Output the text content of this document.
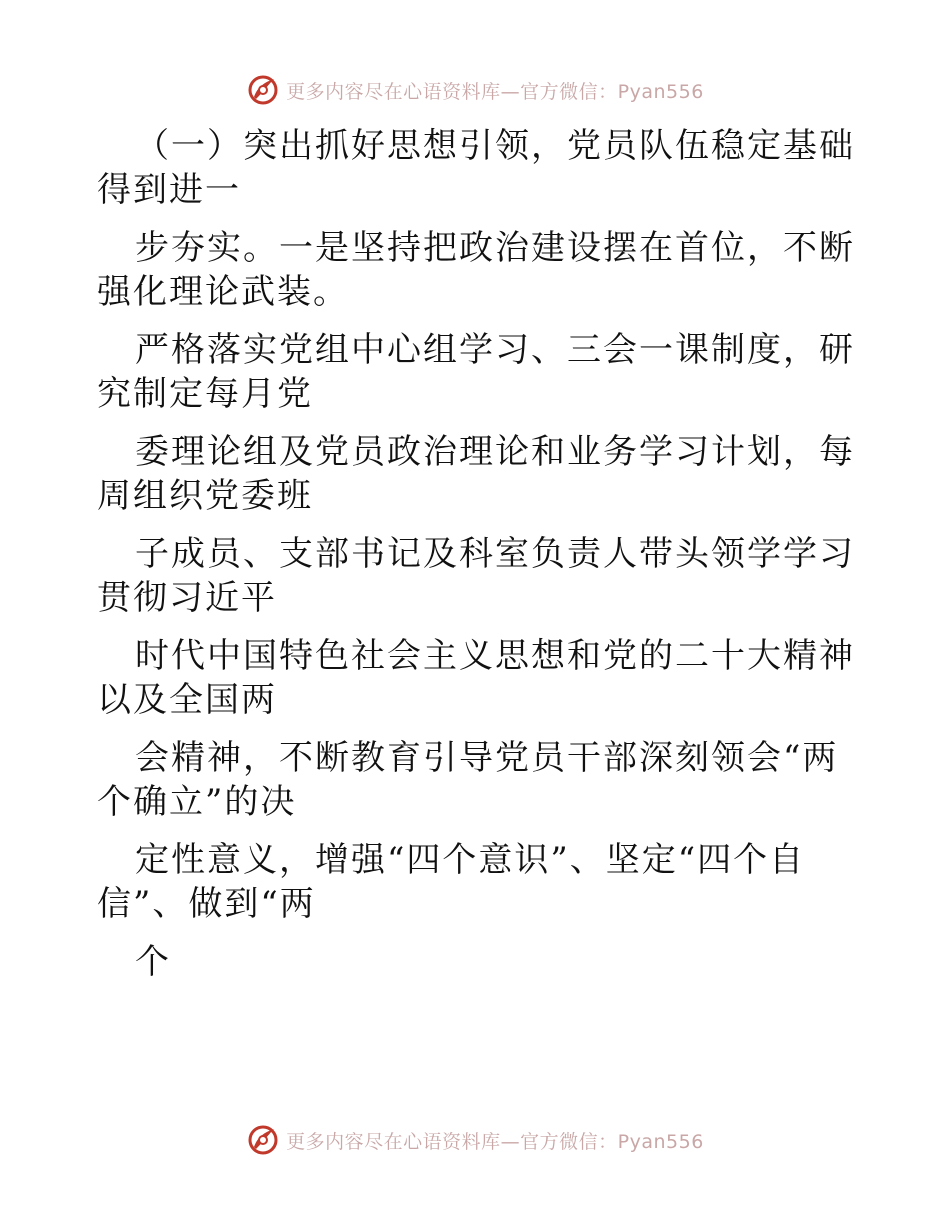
更多内容尽在心语资料库—官方微信：Pyan556

（一）突出抓好思想引领，党员队伍稳定基础得到进一

步夯实。一是坚持把政治建设摆在首位，不断强化理论武装。

严格落实党组中心组学习、三会一课制度，研究制定每月党

委理论组及党员政治理论和业务学习计划，每周组织党委班

子成员、支部书记及科室负责人带头领学学习贯彻习近平

时代中国特色社会主义思想和党的二十大精神以及全国两

会精神，不断教育引导党员干部深刻领会“两个确立”的决

定性意义，增强“四个意识”、坚定“四个自信”、做到“两

个

更多内容尽在心语资料库—官方微信：Pyan556
